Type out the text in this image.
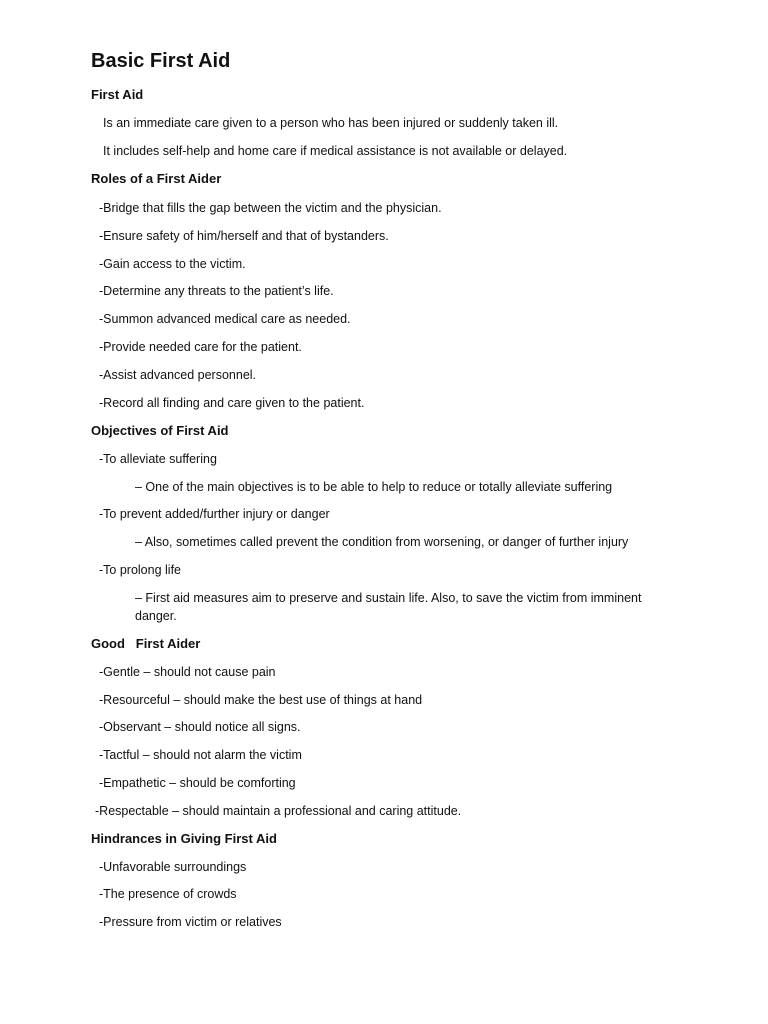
Basic First Aid
First Aid
Is an immediate care given to a person who has been injured or suddenly taken ill.
It includes self-help and home care if medical assistance is not available or delayed.
Roles of a First Aider
-Bridge that fills the gap between the victim and the physician.
-Ensure safety of him/herself and that of bystanders.
-Gain access to the victim.
-Determine any threats to the patient’s life.
-Summon advanced medical care as needed.
-Provide needed care for the patient.
-Assist advanced personnel.
-Record all finding and care given to the patient.
Objectives of First Aid
-To alleviate suffering
– One of the main objectives is to be able to help to reduce or totally alleviate suffering
-To prevent added/further injury or danger
– Also, sometimes called prevent the condition from worsening, or danger of further injury
-To prolong life
– First aid measures aim to preserve and sustain life. Also, to save the victim from imminent danger.
Good   First Aider
-Gentle – should not cause pain
-Resourceful – should make the best use of things at hand
-Observant – should notice all signs.
-Tactful – should not alarm the victim
-Empathetic – should be comforting
-Respectable – should maintain a professional and caring attitude.
Hindrances in Giving First Aid
-Unfavorable surroundings
-The presence of crowds
-Pressure from victim or relatives
